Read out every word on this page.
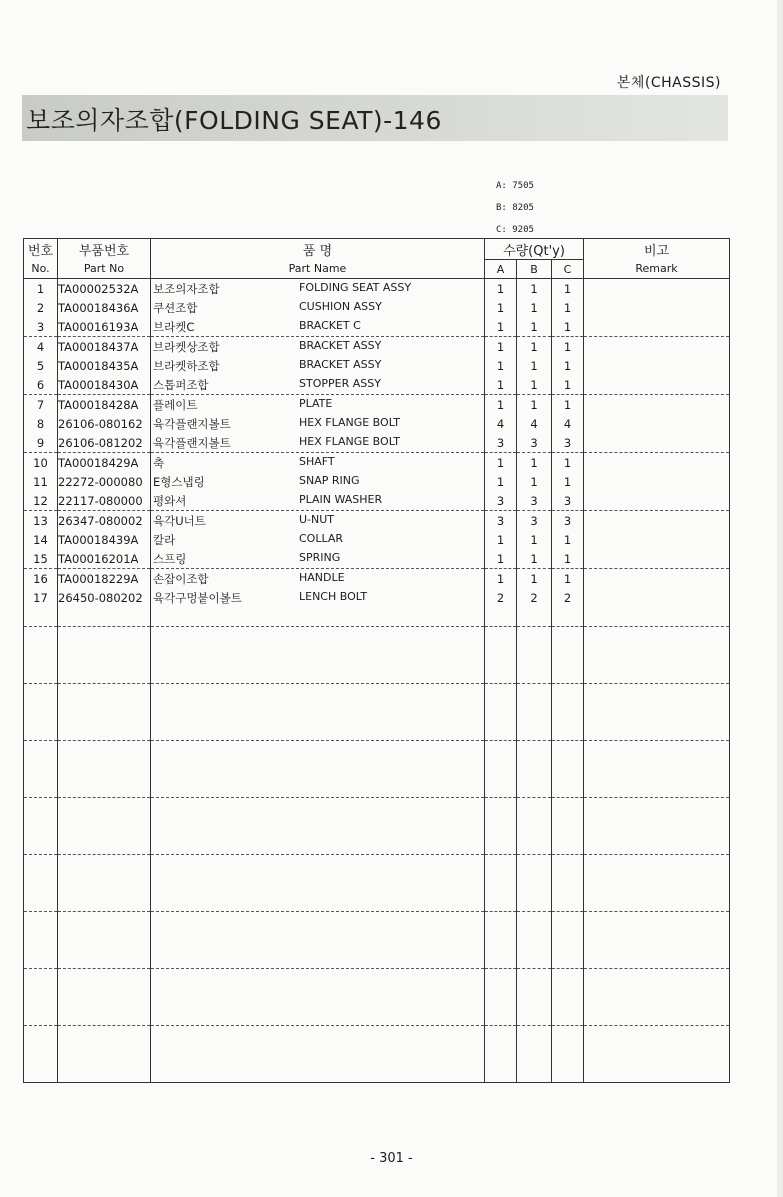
본체(CHASSIS)
보조의자조합(FOLDING SEAT)-146
A: 7505
B: 8205
C: 9205
번호	부품번호	품 명	수량(Qt'y)			비고
No.	Part No	Part Name	A	B	C	Remark
1	TA00002532A	보조의자조합 FOLDING SEAT ASSY	1	1	1	
2	TA00018436A	쿠션조합 CUSHION ASSY	1	1	1	
3	TA00016193A	브라켓C BRACKET C	1	1	1	
4	TA00018437A	브라켓상조합 BRACKET ASSY	1	1	1	
5	TA00018435A	브라켓하조합 BRACKET ASSY	1	1	1	
6	TA00018430A	스톱퍼조합 STOPPER ASSY	1	1	1	
7	TA00018428A	플레이트 PLATE	1	1	1	
8	26106-080162	육각플랜지볼트 HEX FLANGE BOLT	4	4	4	
9	26106-081202	육각플랜지볼트 HEX FLANGE BOLT	3	3	3	
10	TA00018429A	축 SHAFT	1	1	1	
11	22272-000080	E형스냅링 SNAP RING	1	1	1	
12	22117-080000	평와셔 PLAIN WASHER	3	3	3	
13	26347-080002	육각U너트 U-NUT	3	3	3	
14	TA00018439A	칼라 COLLAR	1	1	1	
15	TA00016201A	스프링 SPRING	1	1	1	
16	TA00018229A	손잡이조합 HANDLE	1	1	1	
17	26450-080202	육각구멍붙이볼트 LENCH BOLT	2	2	2	

- 301 -
